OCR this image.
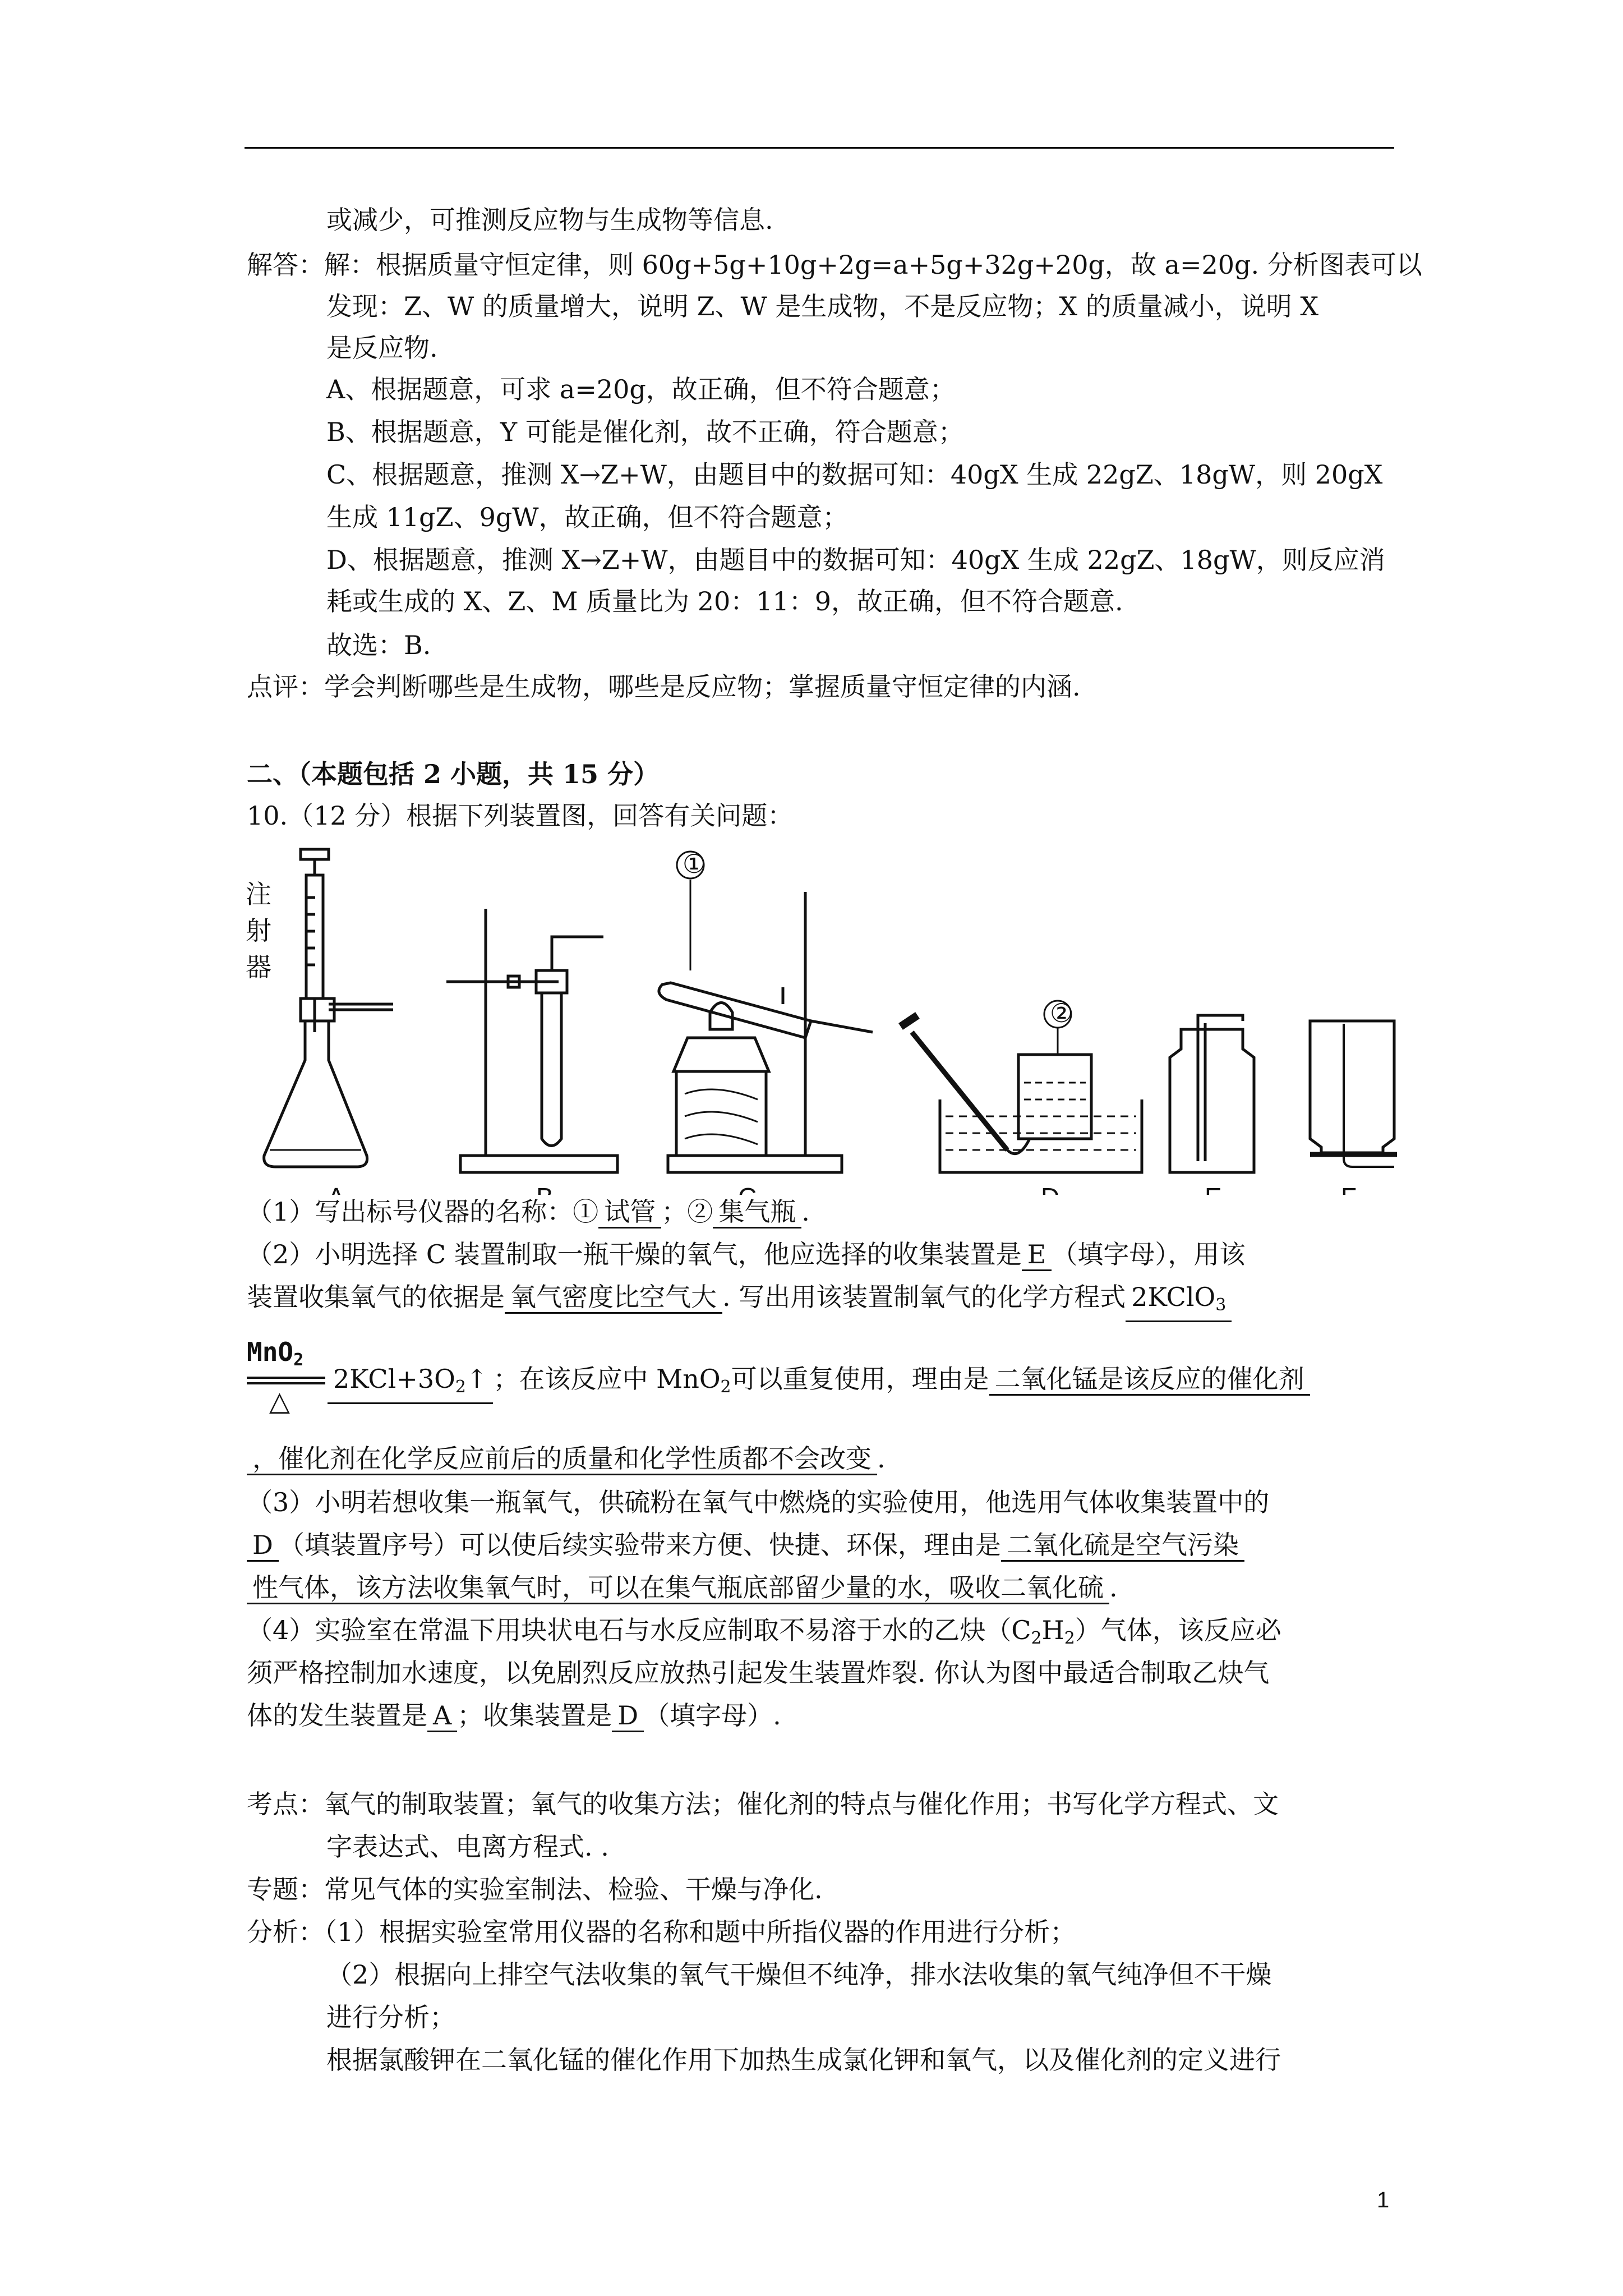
或减少，可推测反应物与生成物等信息.
解答：解：根据质量守恒定律，则 60g+5g+10g+2g=a+5g+32g+20g，故 a=20g. 分析图表可以
发现：Z、W 的质量增大，说明 Z、W 是生成物，不是反应物；X 的质量减小，说明 X
是反应物.
A、根据题意，可求 a=20g，故正确，但不符合题意；
B、根据题意，Y 可能是催化剂，故不正确，符合题意；
C、根据题意，推测 X→Z+W，由题目中的数据可知：40gX 生成 22gZ、18gW，则 20gX
生成 11gZ、9gW，故正确，但不符合题意；
D、根据题意，推测 X→Z+W，由题目中的数据可知：40gX 生成 22gZ、18gW，则反应消
耗或生成的 X、Z、M 质量比为 20：11：9，故正确，但不符合题意.
故选：B.
点评：学会判断哪些是生成物，哪些是反应物；掌握质量守恒定律的内涵.
二、（本题包括 2 小题，共 15 分）
10.（12 分）根据下列装置图，回答有关问题：
注
射
器
①
②
（1）写出标号仪器的名称：① 试管 ；② 集气瓶 .
（2）小明选择 C 装置制取一瓶干燥的氧气，他应选择的收集装置是 E （填字母），用该
装置收集氧气的依据是 氧气密度比空气大 . 写出用该装置制氧气的化学方程式 2KClO$_3$
MnO$_2$
△
$2KCl+3O_2↑$ ；在该反应中 MnO$_2$可以重复使用，理由是 二氧化锰是该反应的催化剂
，催化剂在化学反应前后的质量和化学性质都不会改变 .
（3）小明若想收集一瓶氧气，供硫粉在氧气中燃烧的实验使用，他选用气体收集装置中的
D （填装置序号）可以使后续实验带来方便、快捷、环保，理由是 二氧化硫是空气污染
性气体，该方法收集氧气时，可以在集气瓶底部留少量的水，吸收二氧化硫 .
（4）实验室在常温下用块状电石与水反应制取不易溶于水的乙炔$(C_2H_2)$气体，该反应必
须严格控制加水速度，以免剧烈反应放热引起发生装置炸裂. 你认为图中最适合制取乙炔气
体的发生装置是 A ；收集装置是 D （填字母）.
考点：氧气的制取装置；氧气的收集方法；催化剂的特点与催化作用；书写化学方程式、文
字表达式、电离方程式. .
专题：常见气体的实验室制法、检验、干燥与净化.
分析：（1）根据实验室常用仪器的名称和题中所指仪器的作用进行分析；
（2）根据向上排空气法收集的氧气干燥但不纯净，排水法收集的氧气纯净但不干燥
进行分析；
根据氯酸钾在二氧化锰的催化作用下加热生成氯化钾和氧气，以及催化剂的定义进行
1
